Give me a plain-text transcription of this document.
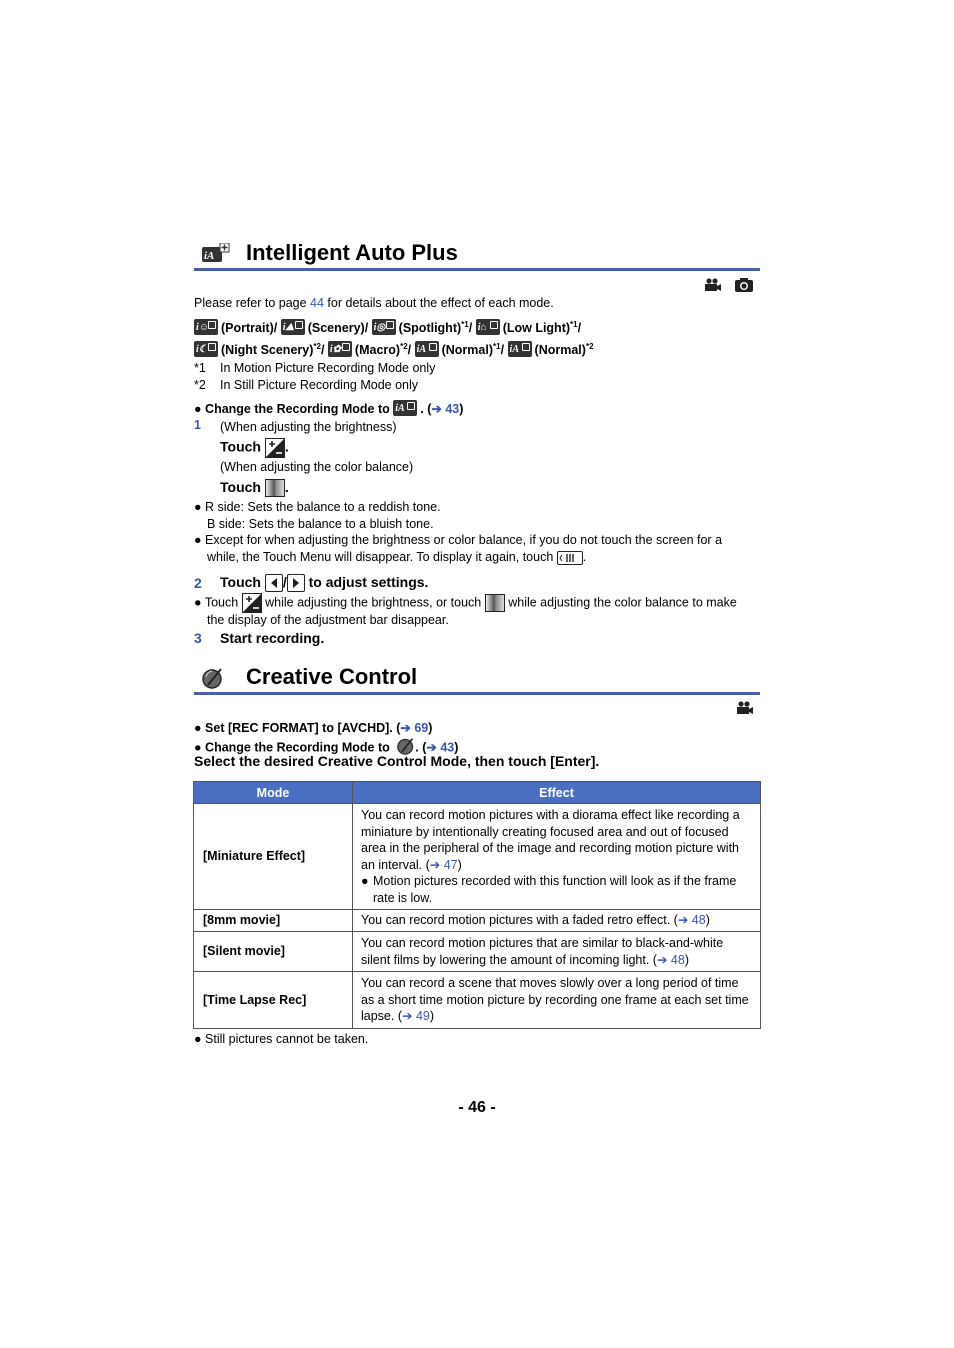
iA Intelligent Auto Plus
Please refer to page 44 for details about the effect of each mode.
i☺ (Portrait)/ i⛰ (Scenery)/ i◎ (Spotlight)$^{*1}$/ i⌂ (Low Light)$^{*1}$/
i☾ (Night Scenery)$^{*2}$/ i✿ (Macro)$^{*2}$/ iA (Normal)$^{*1}$/ iA (Normal)$^{*2}$
*1 In Motion Picture Recording Mode only
*2 In Still Picture Recording Mode only
● Change the Recording Mode to iA . (➔ 43)
1 (When adjusting the brightness)
Touch .
(When adjusting the color balance)
Touch .
● R side: Sets the balance to a reddish tone.
B side: Sets the balance to a bluish tone.
● Except for when adjusting the brightness or color balance, if you do not touch the screen for a
while, the Touch Menu will disappear. To display it again, touch .
2 Touch / to adjust settings.
● Touch while adjusting the brightness, or touch while adjusting the color balance to make
the display of the adjustment bar disappear.
3 Start recording.
Creative Control
● Set [REC FORMAT] to [AVCHD]. (➔ 69)
● Change the Recording Mode to . (➔ 43)
Select the desired Creative Control Mode, then touch [Enter].
Mode	Effect
[Miniature Effect]	You can record motion pictures with a diorama effect like recording a miniature by intentionally creating focused area and out of focused area in the peripheral of the image and recording motion picture with an interval. (➔ 47)
● Motion pictures recorded with this function will look as if the frame rate is low.

[8mm movie]	You can record motion pictures with a faded retro effect. (➔ 48)
[Silent movie]	You can record motion pictures that are similar to black-and-white silent films by lowering the amount of incoming light. (➔ 48)
[Time Lapse Rec]	You can record a scene that moves slowly over a long period of time as a short time motion picture by recording one frame at each set time lapse. (➔ 49)
● Still pictures cannot be taken.
- 46 -
